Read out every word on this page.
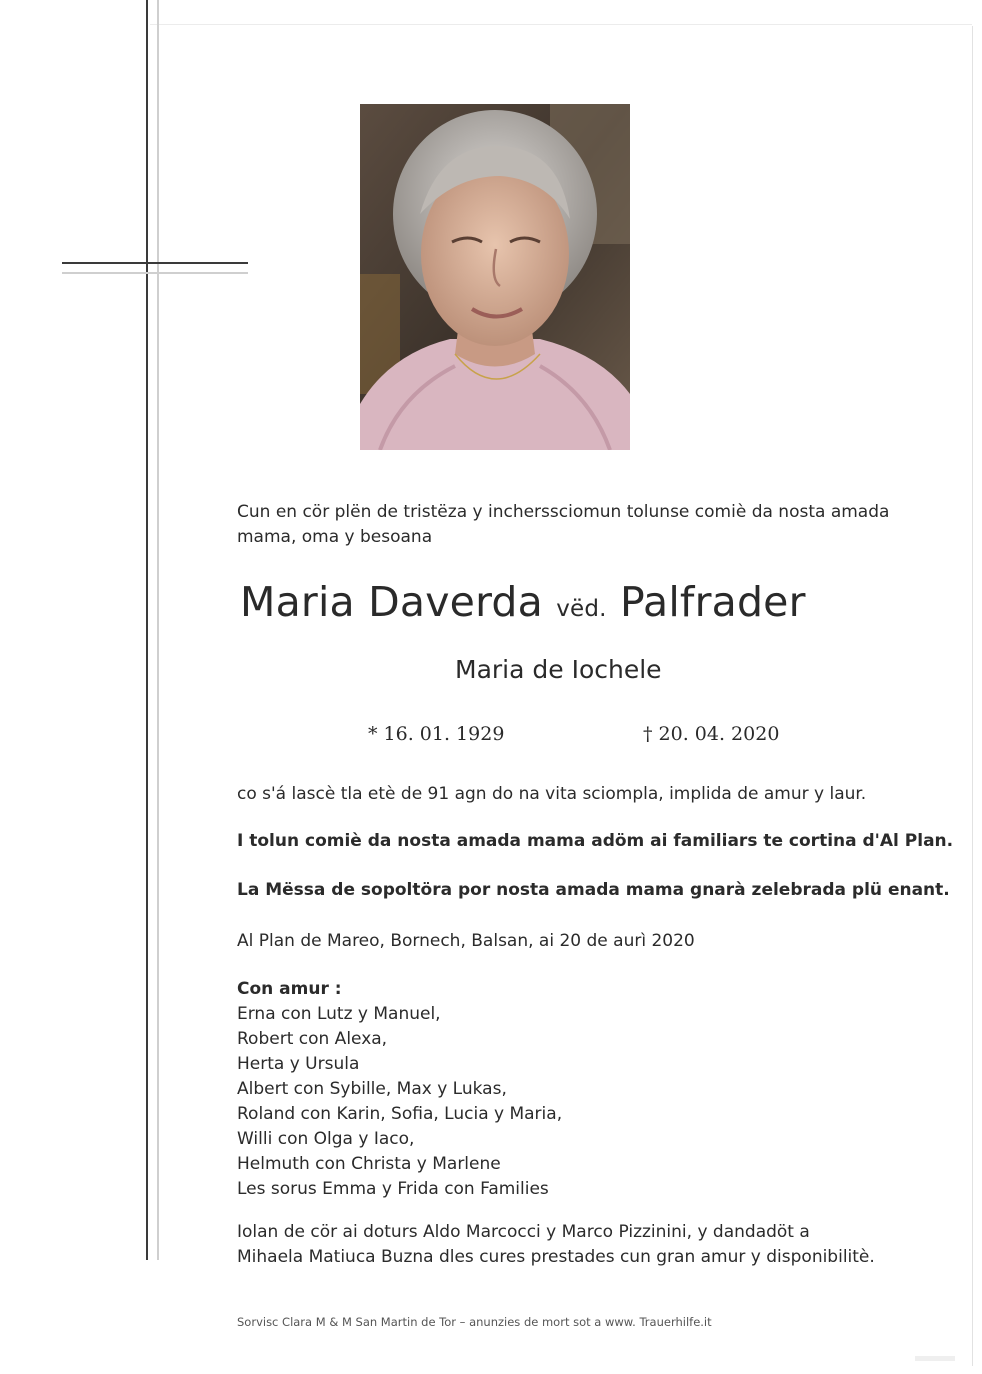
Cun en cör plën de tristëza y incherssciomun tolunse comiè da nosta amada
mama, oma y besoana
Maria Daverda vëd. Palfrader
Maria de Iochele
* 16. 01. 1929	† 20. 04. 2020
co s'á lascè tla etè de 91 agn do na vita sciompla, implida de amur y laur.
I tolun comiè da nosta amada mama adöm ai familiars te cortina d'Al Plan.
La Mëssa de sopoltöra por nosta amada mama gnarà zelebrada plü enant.
Al Plan de Mareo, Bornech, Balsan, ai 20 de aurì 2020
Con amur :
Erna con Lutz y Manuel,
Robert con Alexa,
Herta y Ursula
Albert con Sybille, Max y Lukas,
Roland con Karin, Sofia, Lucia y Maria,
Willi con Olga y Iaco,
Helmuth con Christa y Marlene
Les sorus Emma y Frida con Families
Iolan de cör ai doturs Aldo Marcocci y Marco Pizzinini, y dandadöt a
Mihaela Matiuca Buzna dles cures prestades cun gran amur y disponibilitè.
Sorvisc Clara M & M San Martin de Tor – anunzies de mort sot a www. Trauerhilfe.it
